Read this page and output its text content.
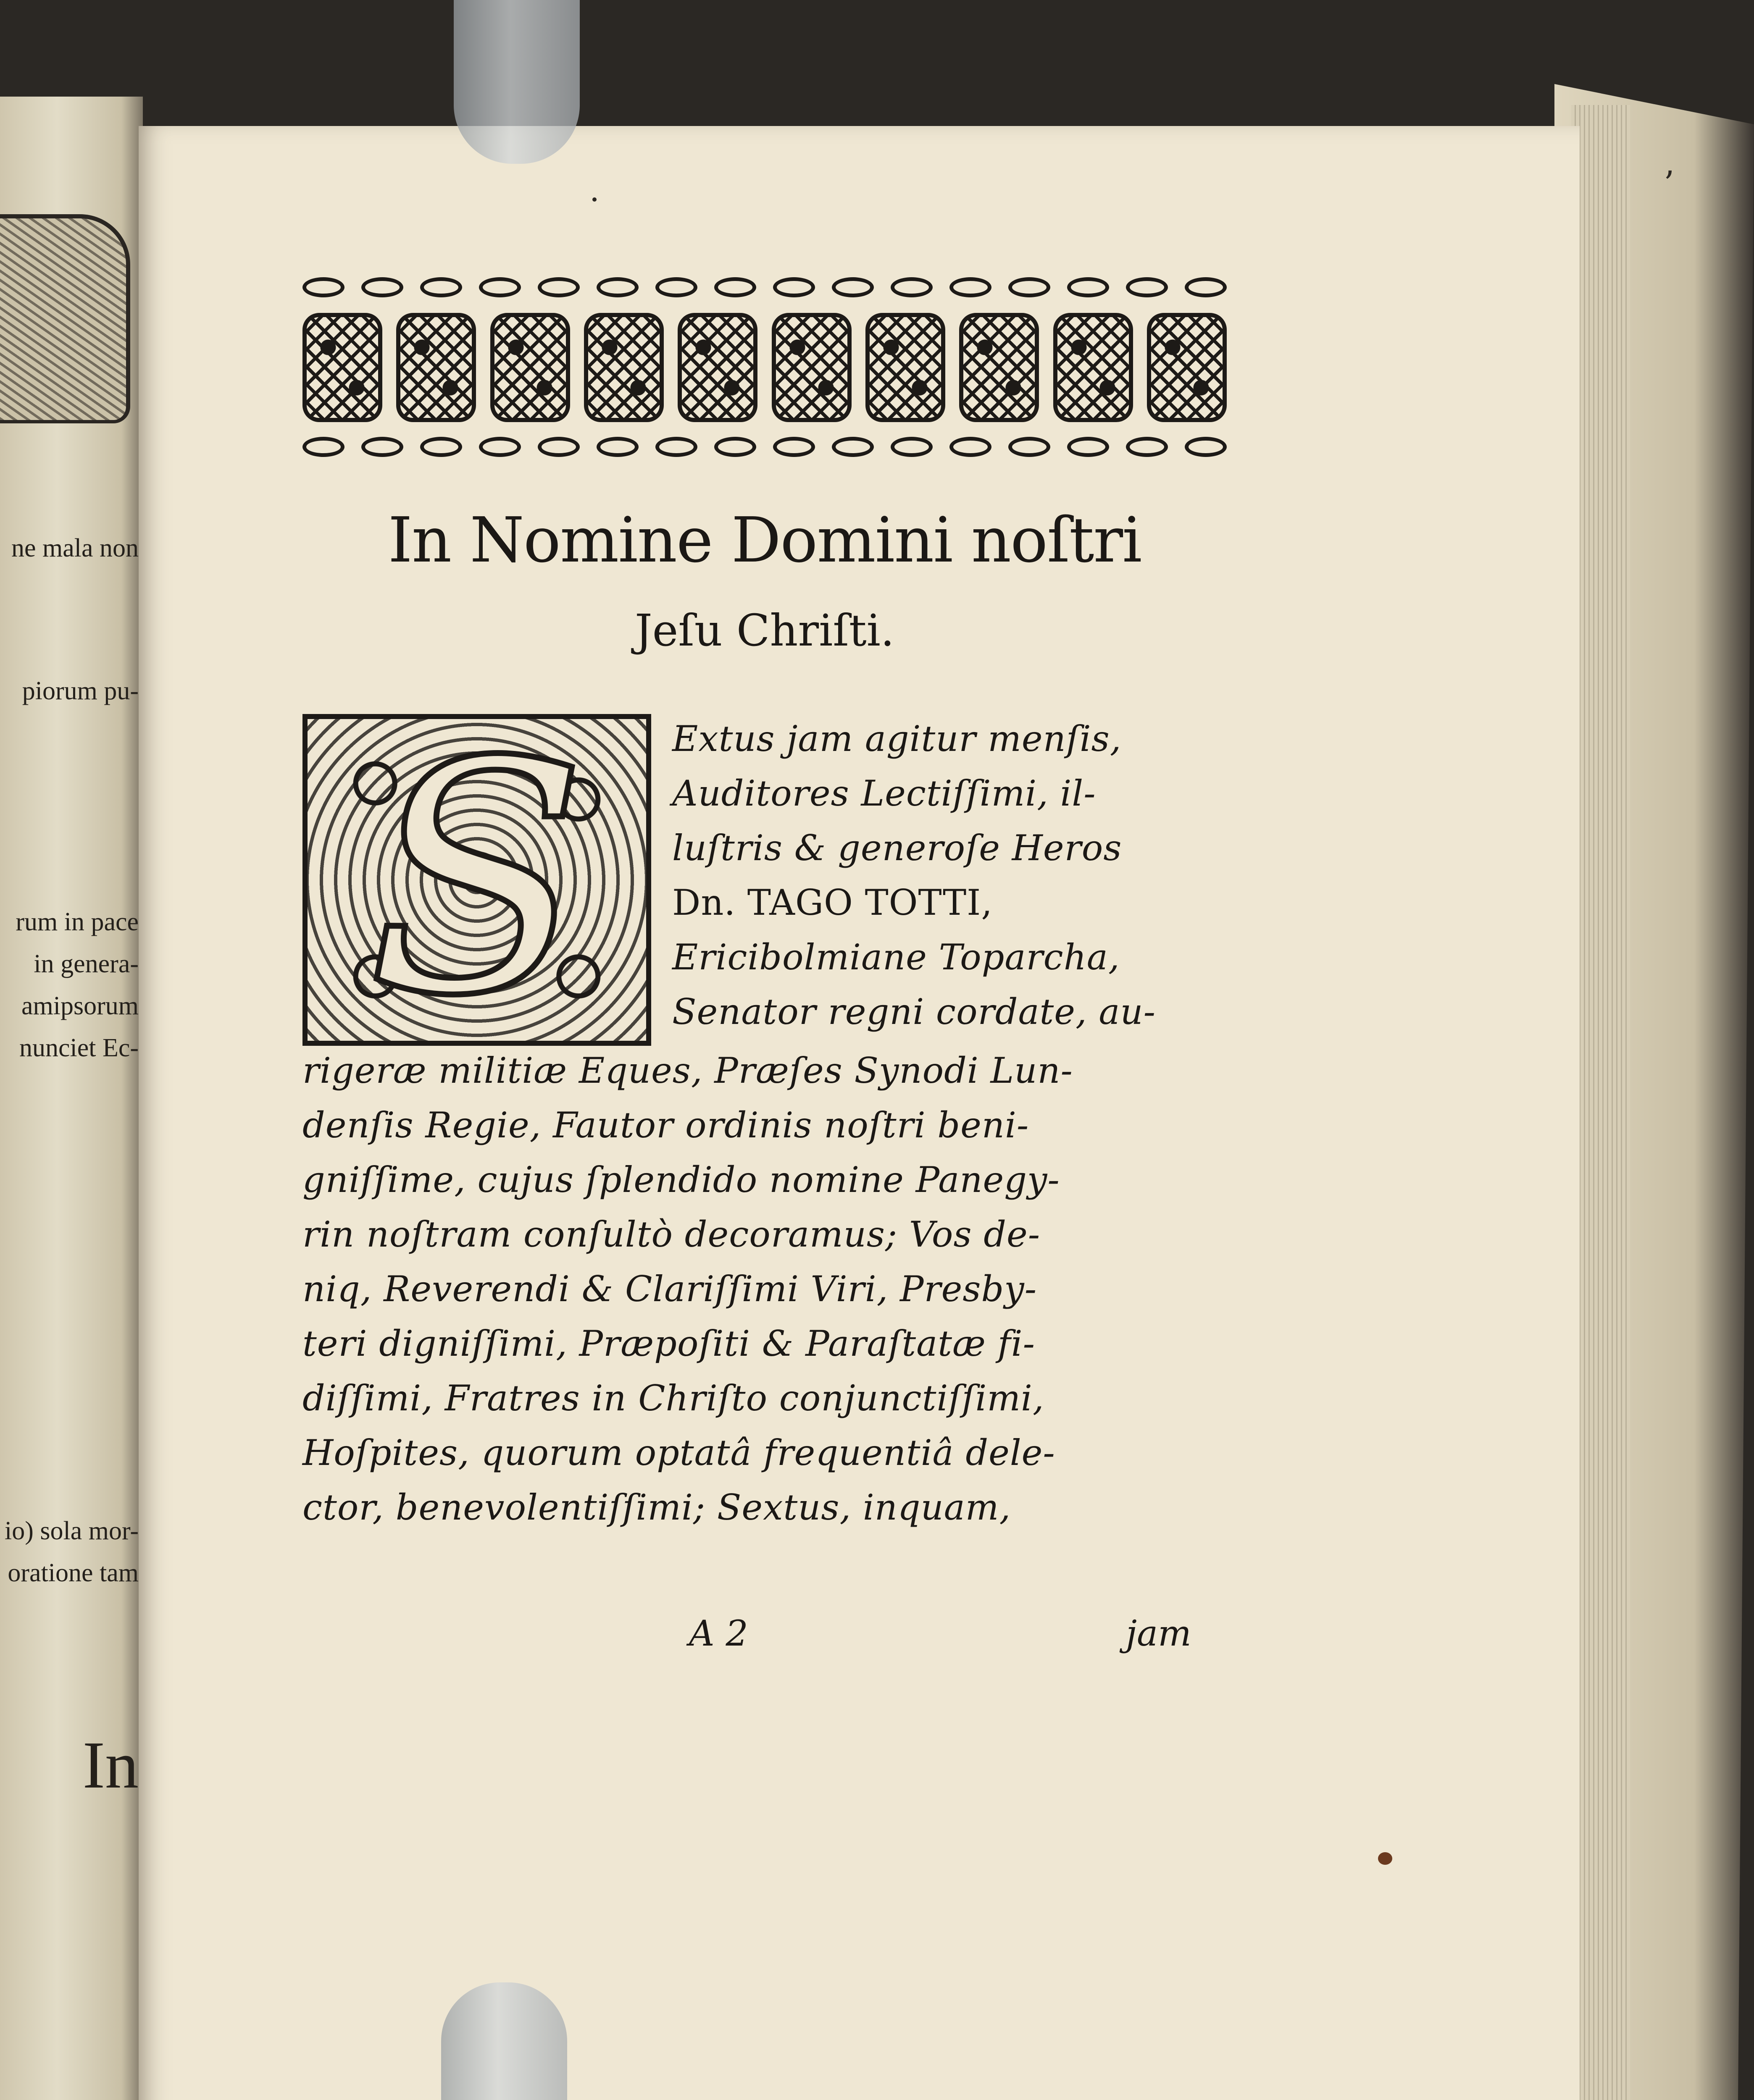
ne mala non
piorum pu-
rum in pace
in genera-
amipsorum
nunciet Ec-
io) sola mor-
oratione tam
In
’
In Nomine Domini noſtri
Jeſu Chriſti.
S	Extus jam agitur menſis,
Auditores Lectiſſimi, il-
luſtris & generoſe Heros
Dn. TAGO TOTTI,
Ericibolmiane Toparcha,
Senator regni cordate, au-
rigeræ militiæ Eques, Præſes Synodi Lun-
denſis Regie, Fautor ordinis noſtri beni-
gniſſime, cujus ſplendido nomine Panegy-
rin noſtram conſultò decoramus; Vos de-
niq, Reverendi & Clariſſimi Viri, Presby-
teri digniſſimi, Præpoſiti & Paraſtatæ fi-
diſſimi, Fratres in Chriſto conjunctiſſimi,
Hoſpites, quorum optatâ frequentiâ dele-
ctor, benevolentiſſimi; Sextus, inquam,
A 2	jam
